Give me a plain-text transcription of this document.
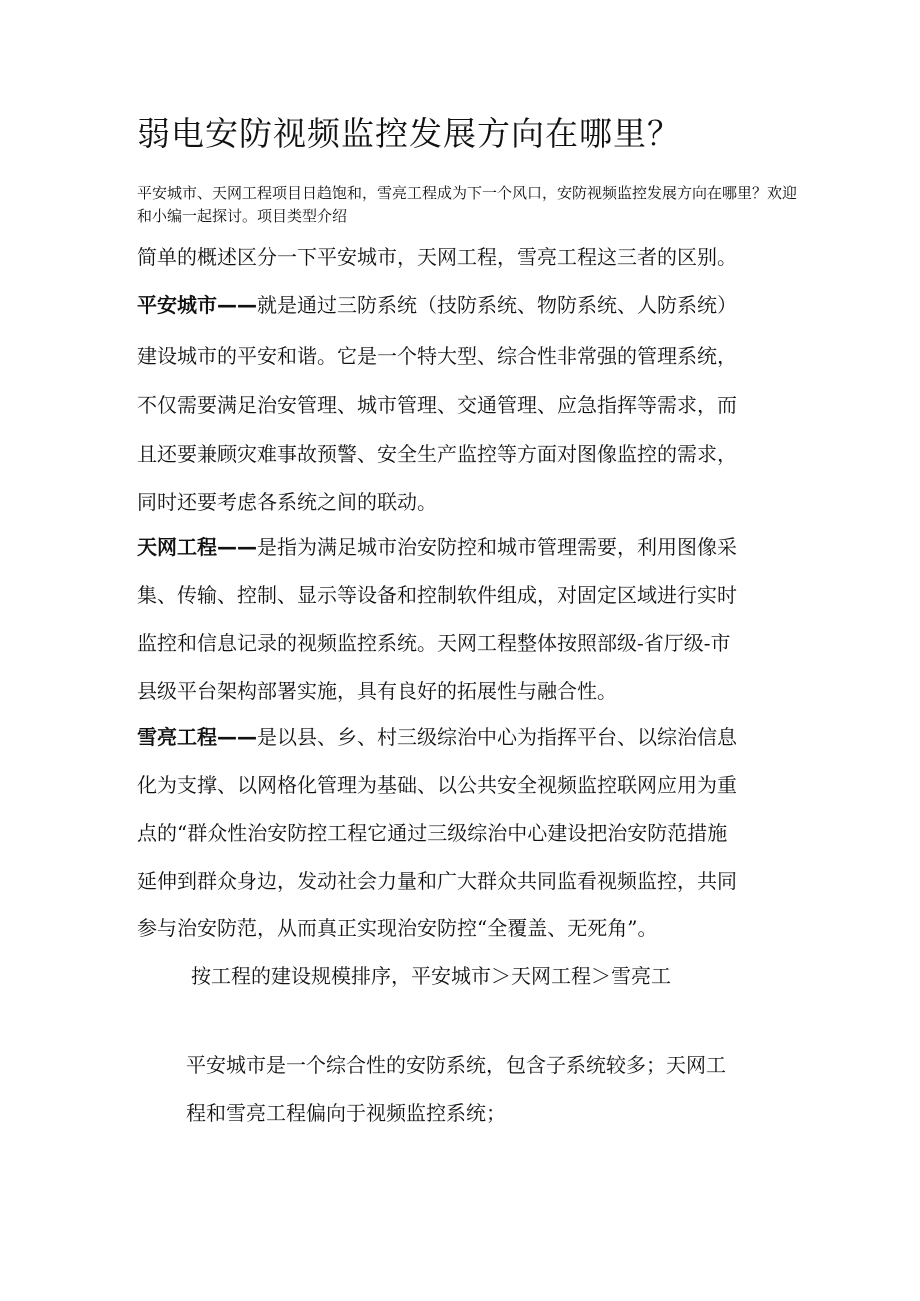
弱电安防视频监控发展方向在哪里？
平安城市、天网工程项目日趋饱和，雪亮工程成为下一个风口，安防视频监控发展方向在哪里？欢迎和小编一起探讨。项目类型介绍
简单的概述区分一下平安城市，天网工程，雪亮工程这三者的区别。
平安城市——就是通过三防系统（技防系统、物防系统、人防系统）
建设城市的平安和谐。它是一个特大型、综合性非常强的管理系统，
不仅需要满足治安管理、城市管理、交通管理、应急指挥等需求，而
且还要兼顾灾难事故预警、安全生产监控等方面对图像监控的需求，
同时还要考虑各系统之间的联动。
天网工程——是指为满足城市治安防控和城市管理需要，利用图像采
集、传输、控制、显示等设备和控制软件组成，对固定区域进行实时
监控和信息记录的视频监控系统。天网工程整体按照部级-省厅级-市
县级平台架构部署实施，具有良好的拓展性与融合性。
雪亮工程——是以县、乡、村三级综治中心为指挥平台、以综治信息
化为支撑、以网格化管理为基础、以公共安全视频监控联网应用为重
点的“群众性治安防控工程它通过三级综治中心建设把治安防范措施
延伸到群众身边，发动社会力量和广大群众共同监看视频监控，共同
参与治安防范，从而真正实现治安防控“全覆盖、无死角”。
按工程的建设规模排序，平安城市＞天网工程＞雪亮工
平安城市是一个综合性的安防系统，包含子系统较多；天网工
程和雪亮工程偏向于视频监控系统；
